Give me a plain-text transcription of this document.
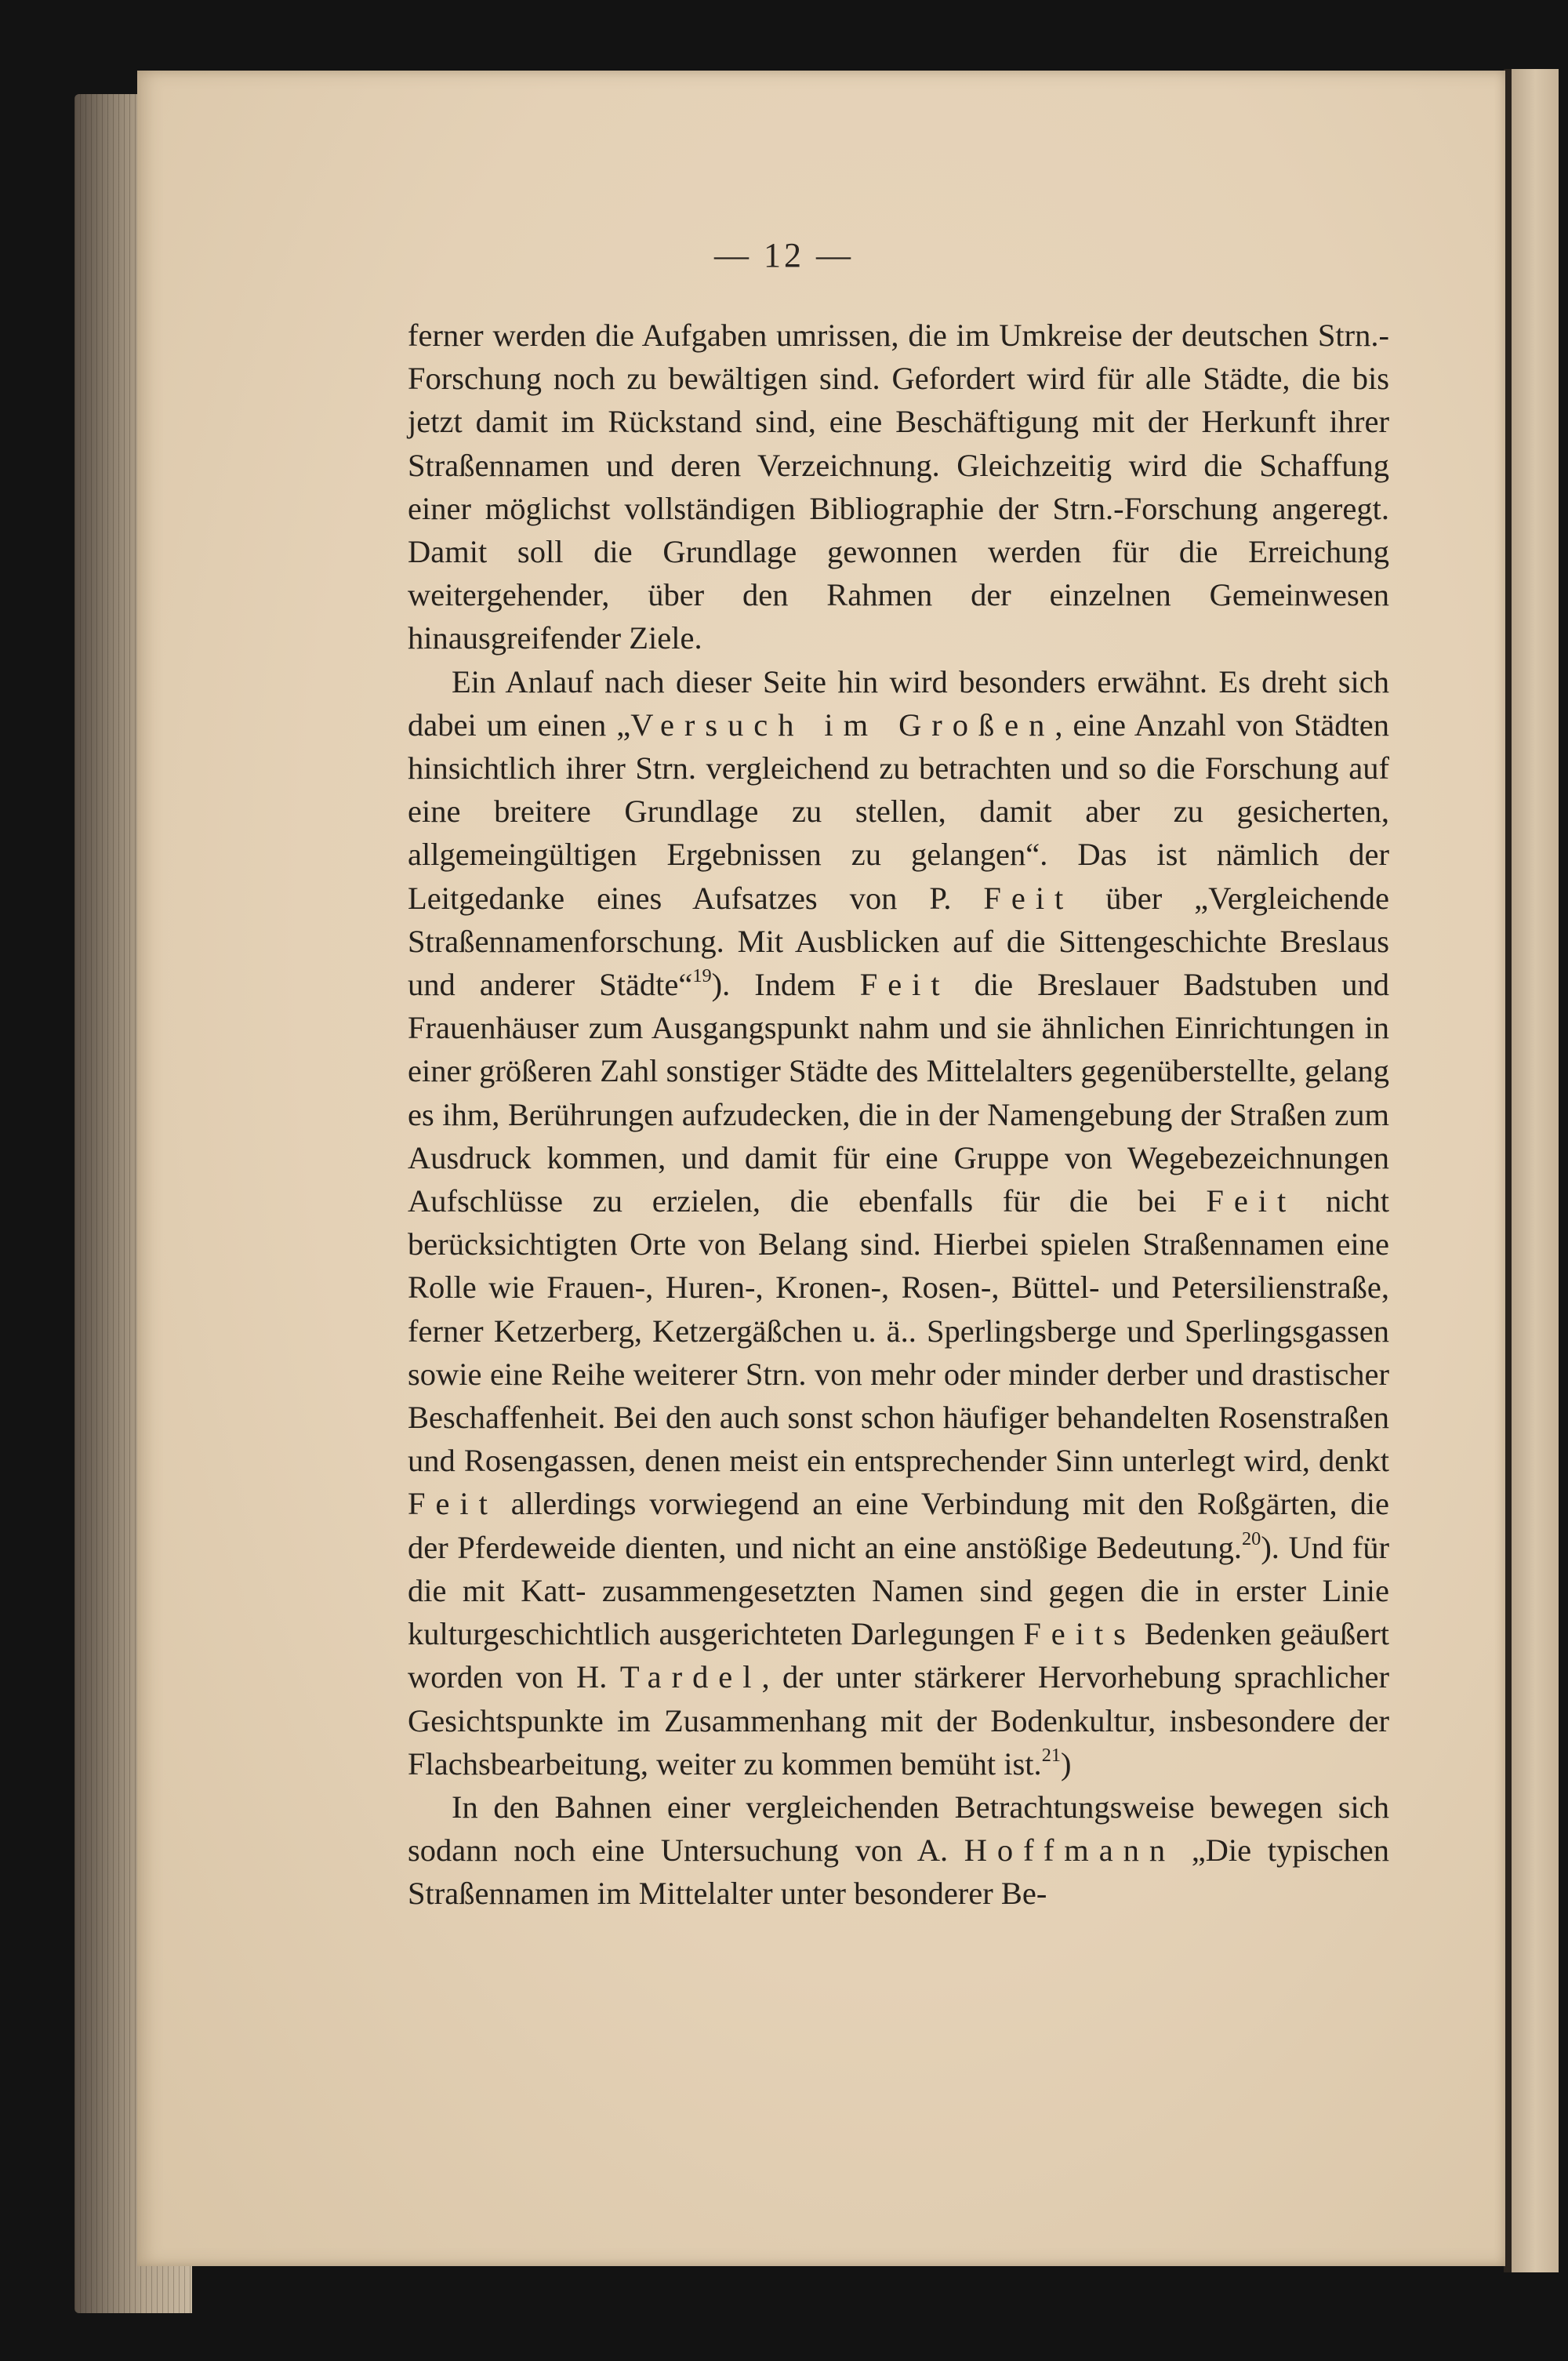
— 12 —

ferner werden die Aufgaben umrissen, die im Umkreise der deutschen Strn.-Forschung noch zu bewältigen sind. Gefordert wird für alle Städte, die bis jetzt damit im Rückstand sind, eine Beschäftigung mit der Herkunft ihrer Straßennamen und deren Verzeichnung. Gleichzeitig wird die Schaffung einer möglichst vollständigen Bibliographie der Strn.-Forschung angeregt. Damit soll die Grundlage gewonnen werden für die Erreichung weitergehender, über den Rahmen der einzelnen Gemeinwesen hinausgreifender Ziele.

Ein Anlauf nach dieser Seite hin wird besonders erwähnt. Es dreht sich dabei um einen „Versuch im Großen, eine Anzahl von Städten hinsichtlich ihrer Strn. vergleichend zu betrachten und so die Forschung auf eine breitere Grundlage zu stellen, damit aber zu gesicherten, allgemeingültigen Ergebnissen zu gelangen“. Das ist nämlich der Leitgedanke eines Aufsatzes von P. Feit über „Vergleichende Straßennamenforschung. Mit Ausblicken auf die Sittengeschichte Breslaus und anderer Städte“$^{19}$). Indem Feit die Breslauer Badstuben und Frauenhäuser zum Ausgangspunkt nahm und sie ähnlichen Einrichtungen in einer größeren Zahl sonstiger Städte des Mittelalters gegenüberstellte, gelang es ihm, Berührungen aufzudecken, die in der Namengebung der Straßen zum Ausdruck kommen, und damit für eine Gruppe von Wegebezeichnungen Aufschlüsse zu erzielen, die ebenfalls für die bei Feit nicht berücksichtigten Orte von Belang sind. Hierbei spielen Straßennamen eine Rolle wie Frauen-, Huren-, Kronen-, Rosen-, Büttel- und Petersilienstraße, ferner Ketzerberg, Ketzergäßchen u. ä.. Sperlingsberge und Sperlingsgassen sowie eine Reihe weiterer Strn. von mehr oder minder derber und drastischer Beschaffenheit. Bei den auch sonst schon häufiger behandelten Rosenstraßen und Rosengassen, denen meist ein entsprechender Sinn unterlegt wird, denkt Feit allerdings vorwiegend an eine Verbindung mit den Roßgärten, die der Pferdeweide dienten, und nicht an eine anstößige Bedeutung.$^{20}$). Und für die mit Katt- zusammengesetzten Namen sind gegen die in erster Linie kulturgeschichtlich ausgerichteten Darlegungen Feits Bedenken geäußert worden von H. Tardel, der unter stärkerer Hervorhebung sprachlicher Gesichtspunkte im Zusammenhang mit der Bodenkultur, insbesondere der Flachsbearbeitung, weiter zu kommen bemüht ist.$^{21}$)

In den Bahnen einer vergleichenden Betrachtungsweise bewegen sich sodann noch eine Untersuchung von A. Hoffmann „Die typischen Straßennamen im Mittelalter unter besonderer Be-
